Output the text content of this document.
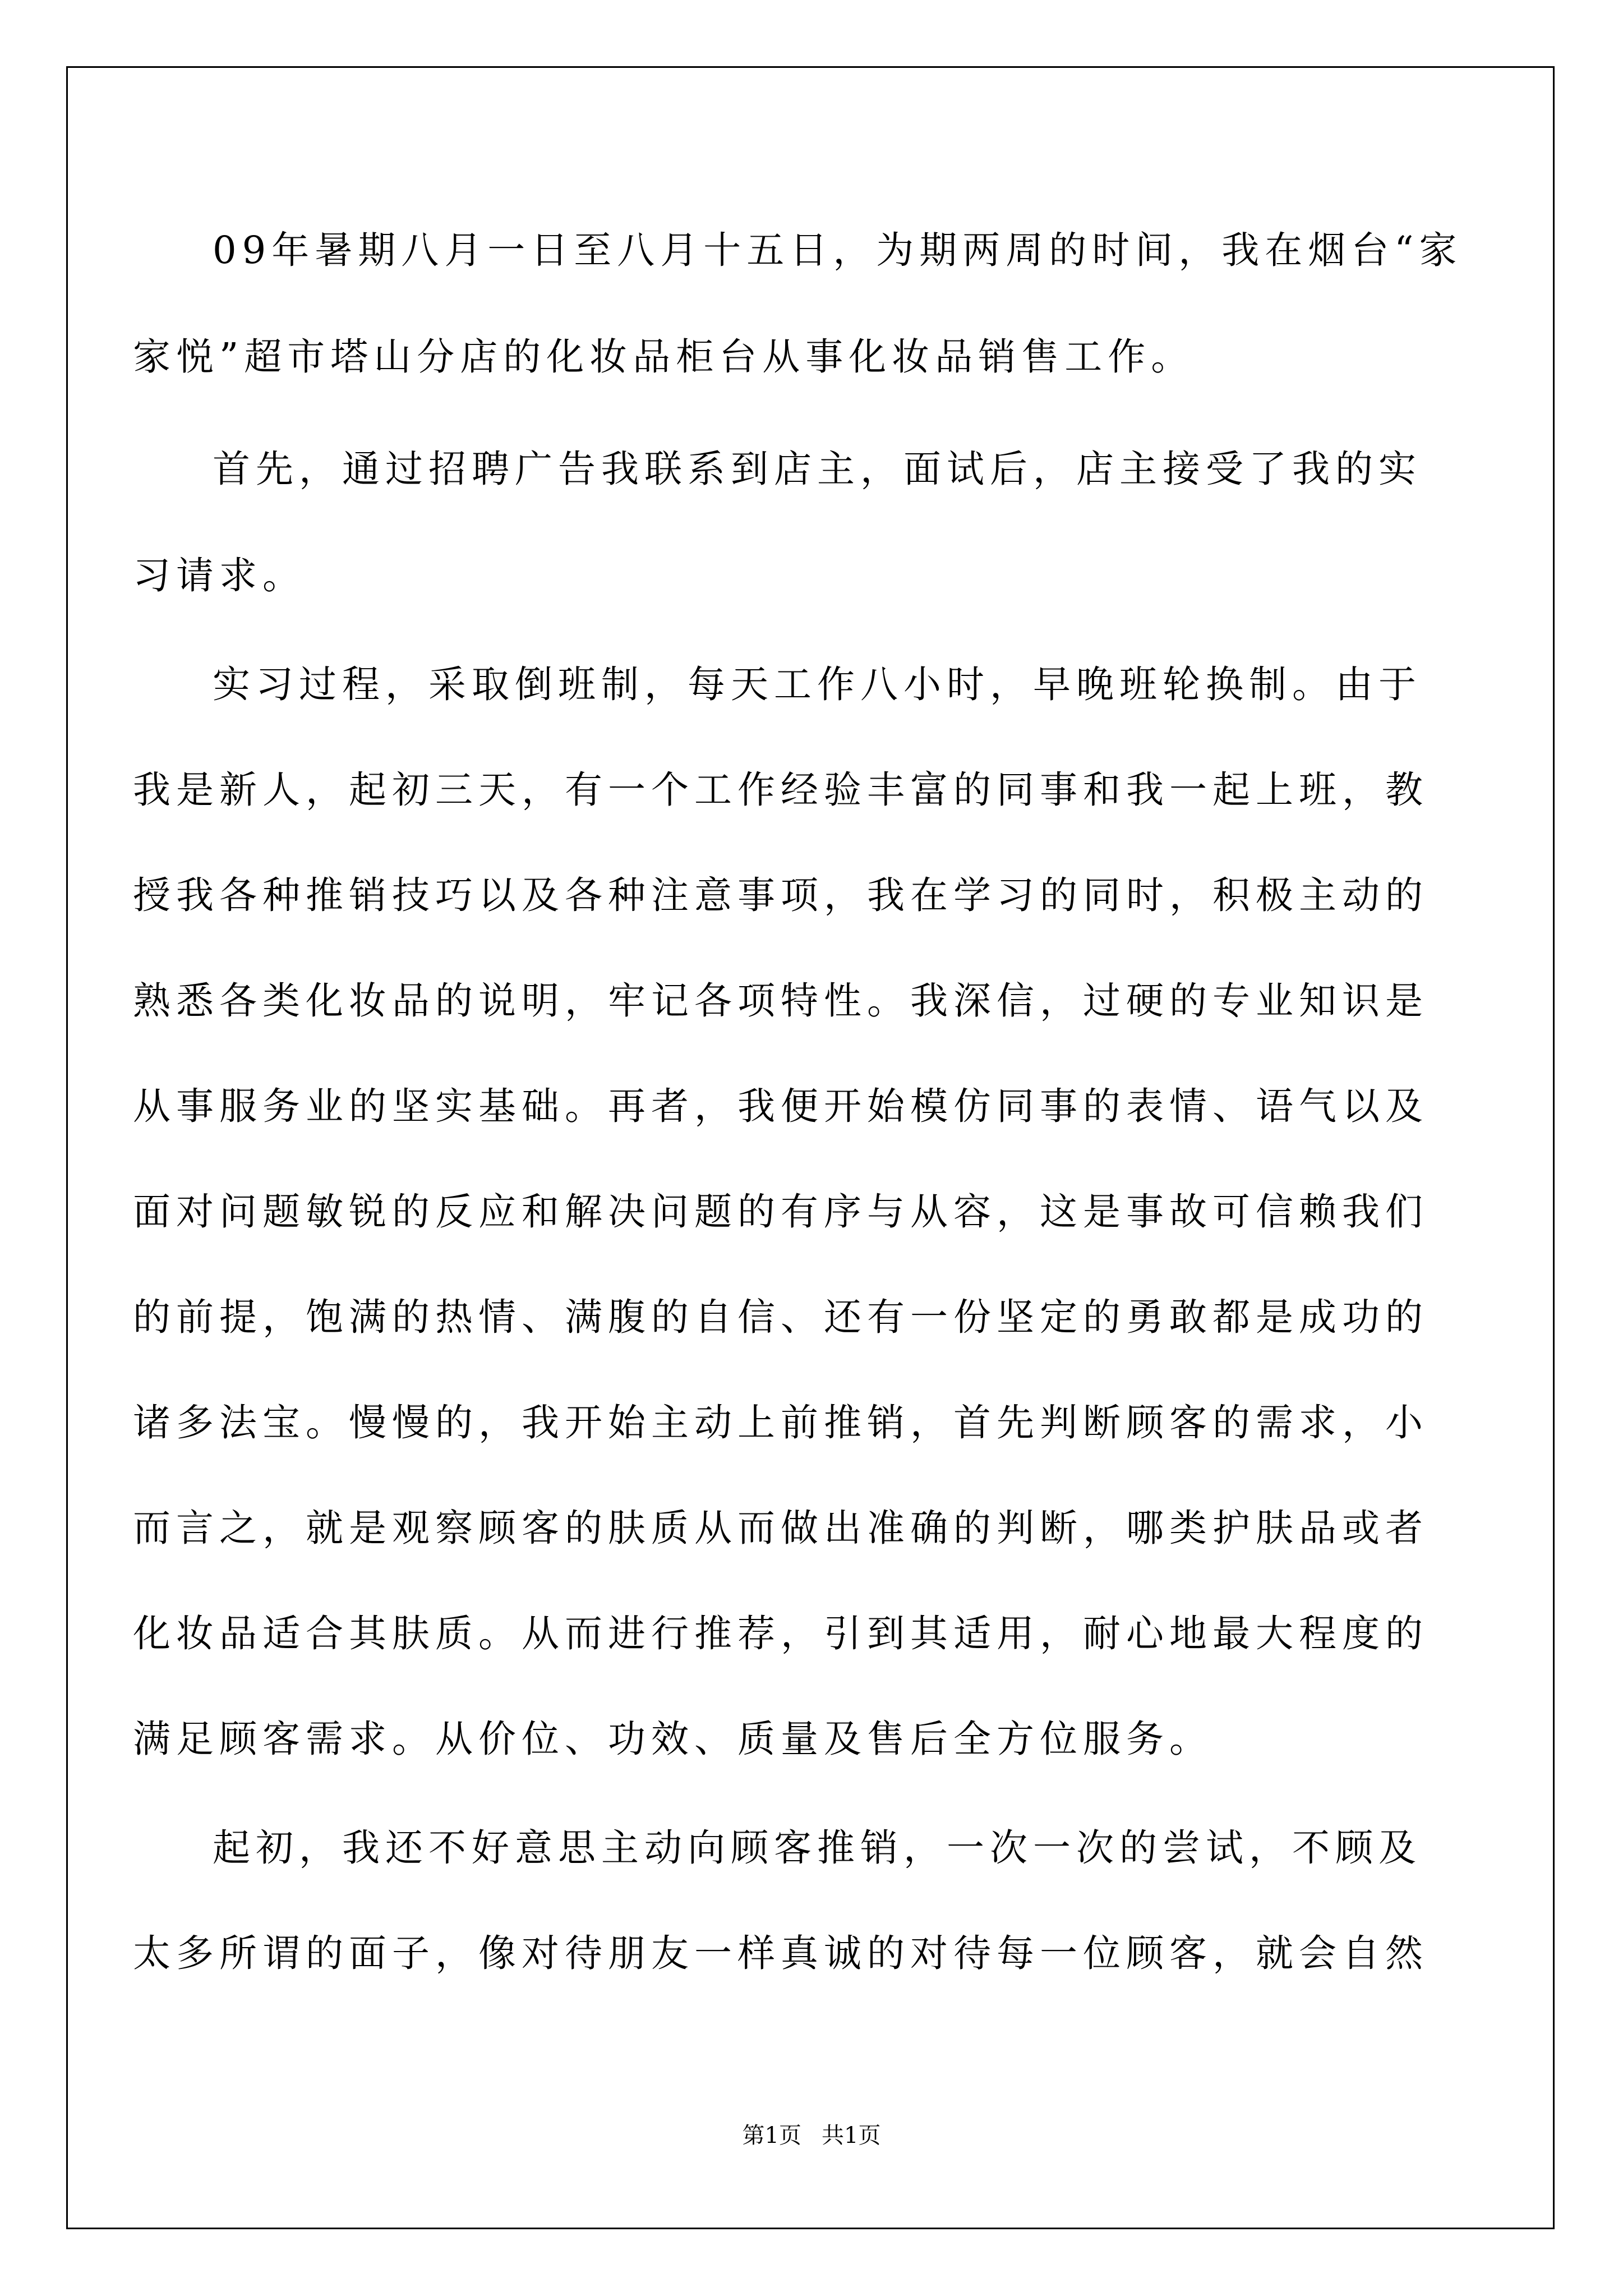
09年暑期八月一日至八月十五日，为期两周的时间，我在烟台“家
家悦”超市塔山分店的化妆品柜台从事化妆品销售工作。
首先，通过招聘广告我联系到店主，面试后，店主接受了我的实
习请求。
实习过程，采取倒班制，每天工作八小时，早晚班轮换制。由于
我是新人，起初三天，有一个工作经验丰富的同事和我一起上班，教
授我各种推销技巧以及各种注意事项，我在学习的同时，积极主动的
熟悉各类化妆品的说明，牢记各项特性。我深信，过硬的专业知识是
从事服务业的坚实基础。再者，我便开始模仿同事的表情、语气以及
面对问题敏锐的反应和解决问题的有序与从容，这是事故可信赖我们
的前提，饱满的热情、满腹的自信、还有一份坚定的勇敢都是成功的
诸多法宝。慢慢的，我开始主动上前推销，首先判断顾客的需求，小
而言之，就是观察顾客的肤质从而做出准确的判断，哪类护肤品或者
化妆品适合其肤质。从而进行推荐，引到其适用，耐心地最大程度的
满足顾客需求。从价位、功效、质量及售后全方位服务。
起初，我还不好意思主动向顾客推销，一次一次的尝试，不顾及
太多所谓的面子，像对待朋友一样真诚的对待每一位顾客，就会自然
第1页 共1页
